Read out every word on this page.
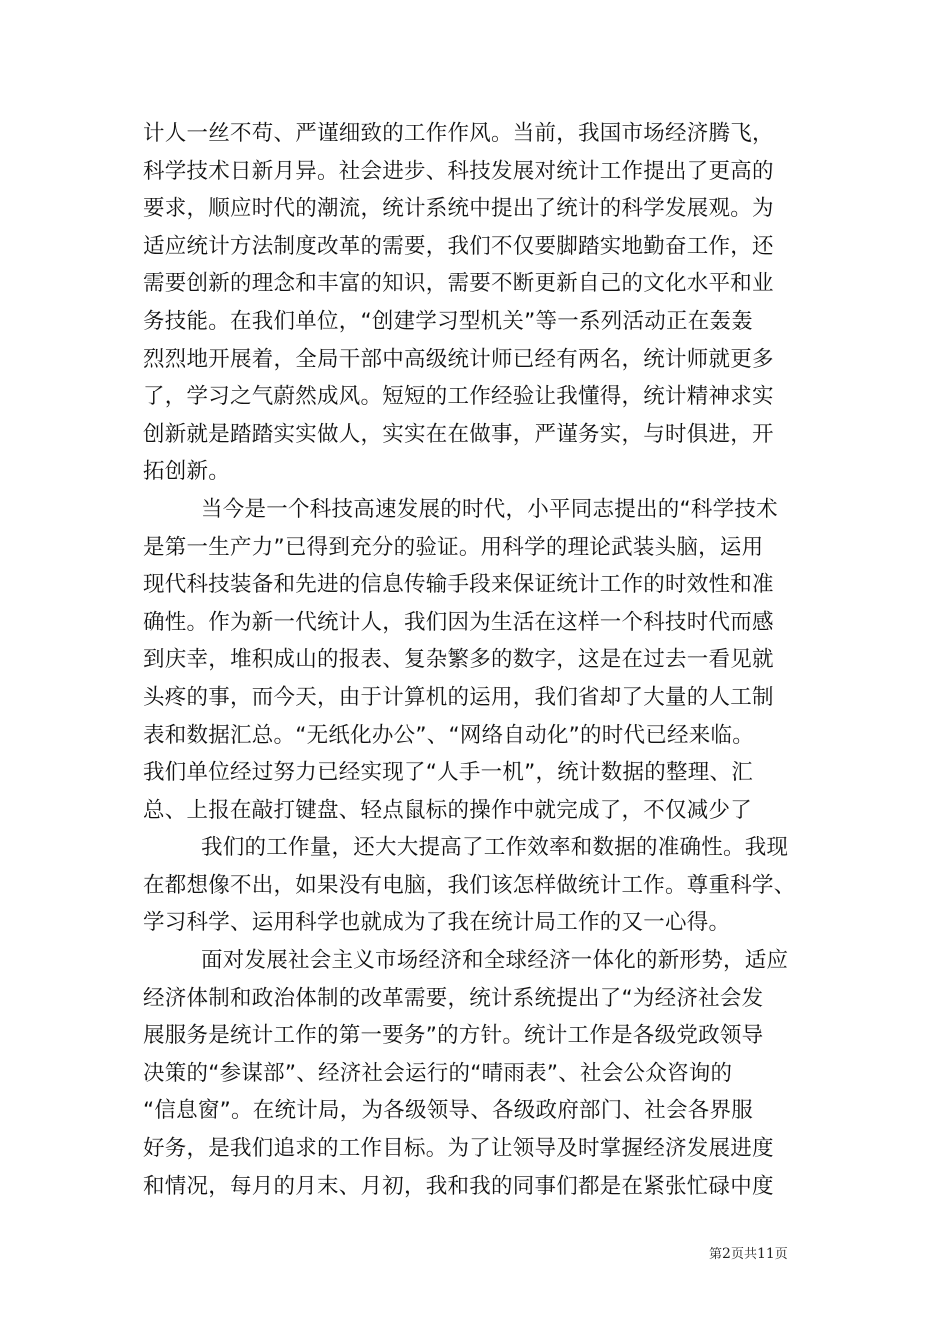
计人一丝不苟、严谨细致的工作作风。当前，我国市场经济腾飞，
科学技术日新月异。社会进步、科技发展对统计工作提出了更高的
要求，顺应时代的潮流，统计系统中提出了统计的科学发展观。为
适应统计方法制度改革的需要，我们不仅要脚踏实地勤奋工作，还
需要创新的理念和丰富的知识，需要不断更新自己的文化水平和业
务技能。在我们单位，“创建学习型机关”等一系列活动正在轰轰
烈烈地开展着，全局干部中高级统计师已经有两名，统计师就更多
了，学习之气蔚然成风。短短的工作经验让我懂得，统计精神求实
创新就是踏踏实实做人，实实在在做事，严谨务实，与时俱进，开
拓创新。
当今是一个科技高速发展的时代，小平同志提出的“科学技术
是第一生产力”已得到充分的验证。用科学的理论武装头脑，运用
现代科技装备和先进的信息传输手段来保证统计工作的时效性和准
确性。作为新一代统计人，我们因为生活在这样一个科技时代而感
到庆幸，堆积成山的报表、复杂繁多的数字，这是在过去一看见就
头疼的事，而今天，由于计算机的运用，我们省却了大量的人工制
表和数据汇总。“无纸化办公”、“网络自动化”的时代已经来临。
我们单位经过努力已经实现了“人手一机”，统计数据的整理、汇
总、上报在敲打键盘、轻点鼠标的操作中就完成了，不仅减少了
我们的工作量，还大大提高了工作效率和数据的准确性。我现
在都想像不出，如果没有电脑，我们该怎样做统计工作。尊重科学、
学习科学、运用科学也就成为了我在统计局工作的又一心得。
面对发展社会主义市场经济和全球经济一体化的新形势，适应
经济体制和政治体制的改革需要，统计系统提出了“为经济社会发
展服务是统计工作的第一要务”的方针。统计工作是各级党政领导
决策的“参谋部”、经济社会运行的“晴雨表”、社会公众咨询的
“信息窗”。在统计局，为各级领导、各级政府部门、社会各界服
好务，是我们追求的工作目标。为了让领导及时掌握经济发展进度
和情况，每月的月末、月初，我和我的同事们都是在紧张忙碌中度
第2页共11页
